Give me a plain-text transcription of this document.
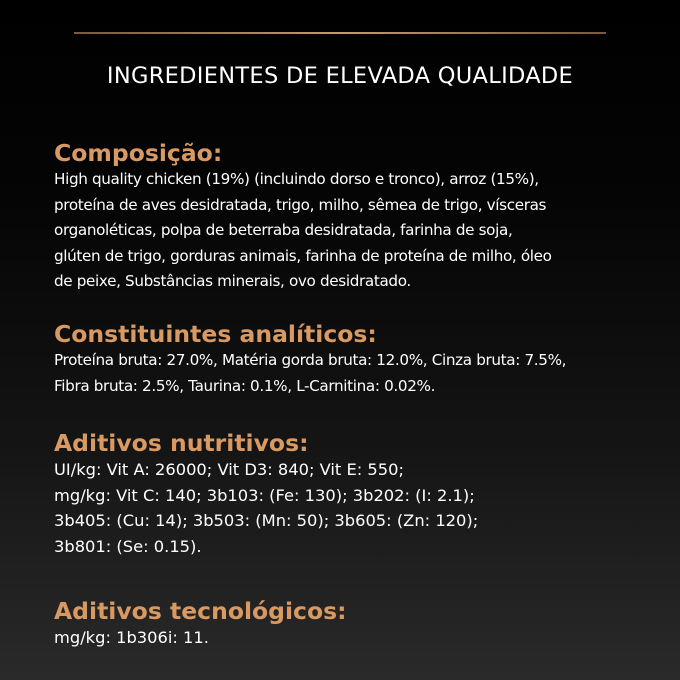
INGREDIENTES DE ELEVADA QUALIDADE
Composição:

High quality chicken (19%) (incluindo dorso e tronco), arroz (15%),
proteína de aves desidratada, trigo, milho, sêmea de trigo, vísceras
organoléticas, polpa de beterraba desidratada, farinha de soja,
glúten de trigo, gorduras animais, farinha de proteína de milho, óleo
de peixe, Substâncias minerais, ovo desidratado.

Constituintes analíticos:

Proteína bruta: 27.0%, Matéria gorda bruta: 12.0%, Cinza bruta: 7.5%,
Fibra bruta: 2.5%, Taurina: 0.1%, L-Carnitina: 0.02%.

Aditivos nutritivos:

UI/kg: Vit A: 26000; Vit D3: 840; Vit E: 550;
mg/kg: Vit C: 140; 3b103: (Fe: 130); 3b202: (I: 2.1);
3b405: (Cu: 14); 3b503: (Mn: 50); 3b605: (Zn: 120);
3b801: (Se: 0.15).

Aditivos tecnológicos:

mg/kg: 1b306i: 11.
